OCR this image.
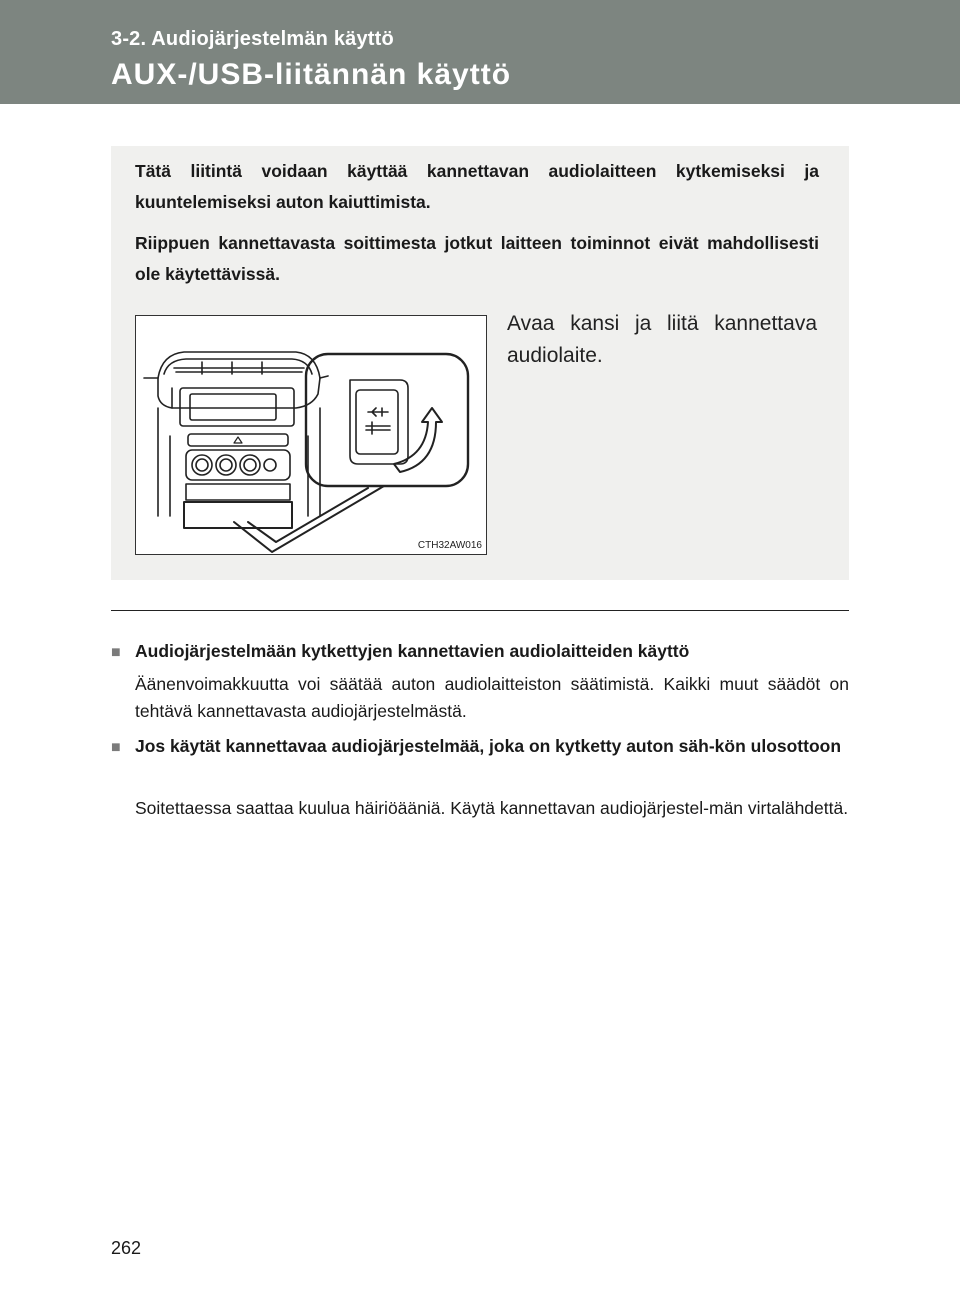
3-2. Audiojärjestelmän käyttö
AUX-/USB-liitännän käyttö

Tätä liitintä voidaan käyttää kannettavan audiolaitteen kytkemiseksi ja kuuntelemiseksi auton kaiuttimista.

Riippuen kannettavasta soittimesta jotkut laitteen toiminnot eivät mahdollisesti ole käytettävissä.

CTH32AW016

Avaa kansi ja liitä kannettava audiolaite.

■ Audiojärjestelmään kytkettyjen kannettavien audiolaitteiden käyttö

Äänenvoimakkuutta voi säätää auton audiolaitteiston säätimistä. Kaikki muut säädöt on tehtävä kannettavasta audiojärjestelmästä.

■ Jos käytät kannettavaa audiojärjestelmää, joka on kytketty auton säh-kön ulosottoon

Soitettaessa saattaa kuulua häiriöääniä. Käytä kannettavan audiojärjestel-män virtalähdettä.

262
